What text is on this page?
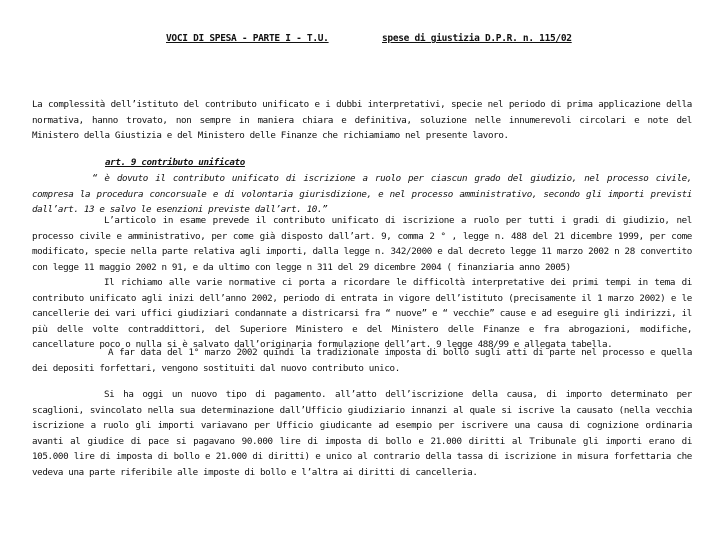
VOCI DI SPESA - PARTE I - T.U.	spese di giustizia D.P.R. n. 115/02
La complessità dell’istituto del contributo unificato e i dubbi interpretativi, specie nel periodo di prima applicazione della normativa, hanno trovato, non sempre in maniera chiara e definitiva, soluzione nelle innumerevoli circolari e note del Ministero della Giustizia e del Ministero delle Finanze che richiamiamo nel presente lavoro.
art. 9 contributo unificato
“ è dovuto il contributo unificato di iscrizione a ruolo per ciascun grado del giudizio, nel processo civile, compresa la procedura concorsuale e di volontaria giurisdizione, e nel processo amministrativo, secondo gli importi previsti dall’art. 13 e salvo le esenzioni previste dall’art. 10.”
L’articolo in esame prevede il contributo unificato di iscrizione a ruolo per tutti i gradi di giudizio, nel processo civile e amministrativo, per come già disposto dall’art. 9, comma 2 ° , legge n. 488 del 21 dicembre 1999, per come modificato, specie nella parte relativa agli importi, dalla legge n. 342/2000 e dal decreto legge 11 marzo 2002 n 28 convertito con legge 11 maggio 2002 n 91, e da ultimo con legge n 311 del 29 dicembre 2004 ( finanziaria anno 2005)
Il richiamo alle varie normative ci porta a ricordare le difficoltà interpretative dei primi tempi in tema di contributo unificato agli inizi dell’anno 2002, periodo di entrata in vigore dell’istituto (precisamente il 1 marzo 2002) e le cancellerie dei vari uffici giudiziari condannate a districarsi fra “ nuove” e “ vecchie” cause e ad eseguire gli indirizzi, il più delle volte contraddittori, del Superiore Ministero e del Ministero delle Finanze e fra abrogazioni, modifiche, cancellature poco o nulla si è salvato dall’originaria formulazione dell’art. 9 legge 488/99 e allegata tabella.
A far data del 1° marzo 2002 quindi la tradizionale imposta di bollo sugli atti di parte nel processo e quella dei depositi forfettari, vengono sostituiti dal nuovo contributo unico.
Si ha oggi un nuovo tipo di pagamento. all’atto dell’iscrizione della causa, di importo determinato per scaglioni, svincolato nella sua determinazione dall’Ufficio giudiziario innanzi al quale si iscrive la causato (nella vecchia iscrizione a ruolo gli importi variavano per Ufficio giudicante ad esempio per iscrivere una causa di cognizione ordinaria avanti al giudice di pace si pagavano 90.000 lire di imposta di bollo e 21.000 diritti al Tribunale gli importi erano di 105.000 lire di imposta di bollo e 21.000 di diritti) e unico al contrario della tassa di iscrizione in misura forfettaria che vedeva una parte riferibile alle imposte di bollo e l’altra ai diritti di cancelleria.
